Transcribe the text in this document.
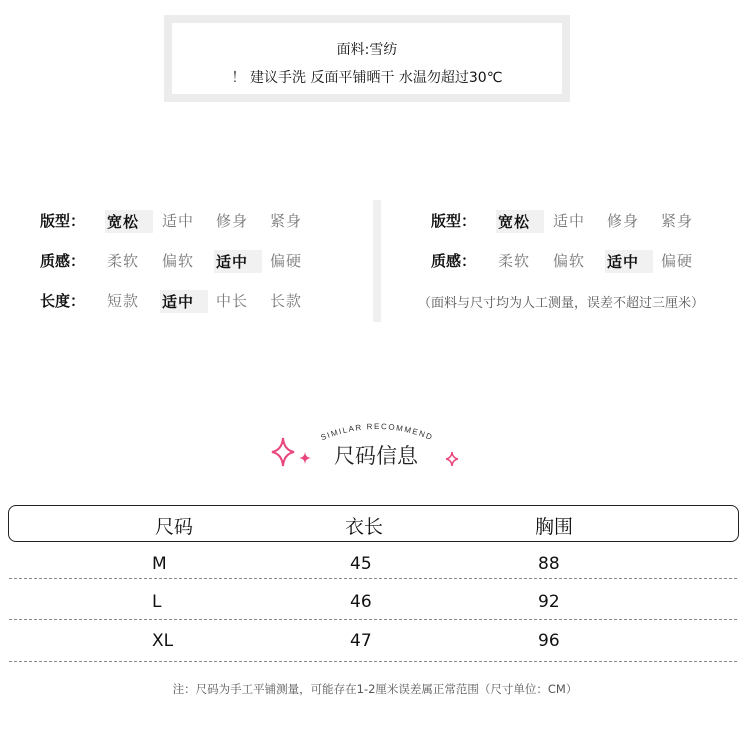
面料:雪纺
！ 建议手洗 反面平铺晒干 水温勿超过30℃
版型： 宽松	适中 修身 紧身
质感： 柔软 偏软 适中	偏硬
长度： 短款 适中	中长 长款
版型： 宽松	适中 修身 紧身
质感： 柔软 偏软 适中	偏硬
（面料与尺寸均为人工测量，误差不超过三厘米）
SIMILAR RECOMMEND
尺码信息
尺码	衣长	胸围
M	45	88
L	46	92
XL	47	96
注：尺码为手工平铺测量，可能存在1-2厘米误差属正常范围（尺寸单位：CM）
